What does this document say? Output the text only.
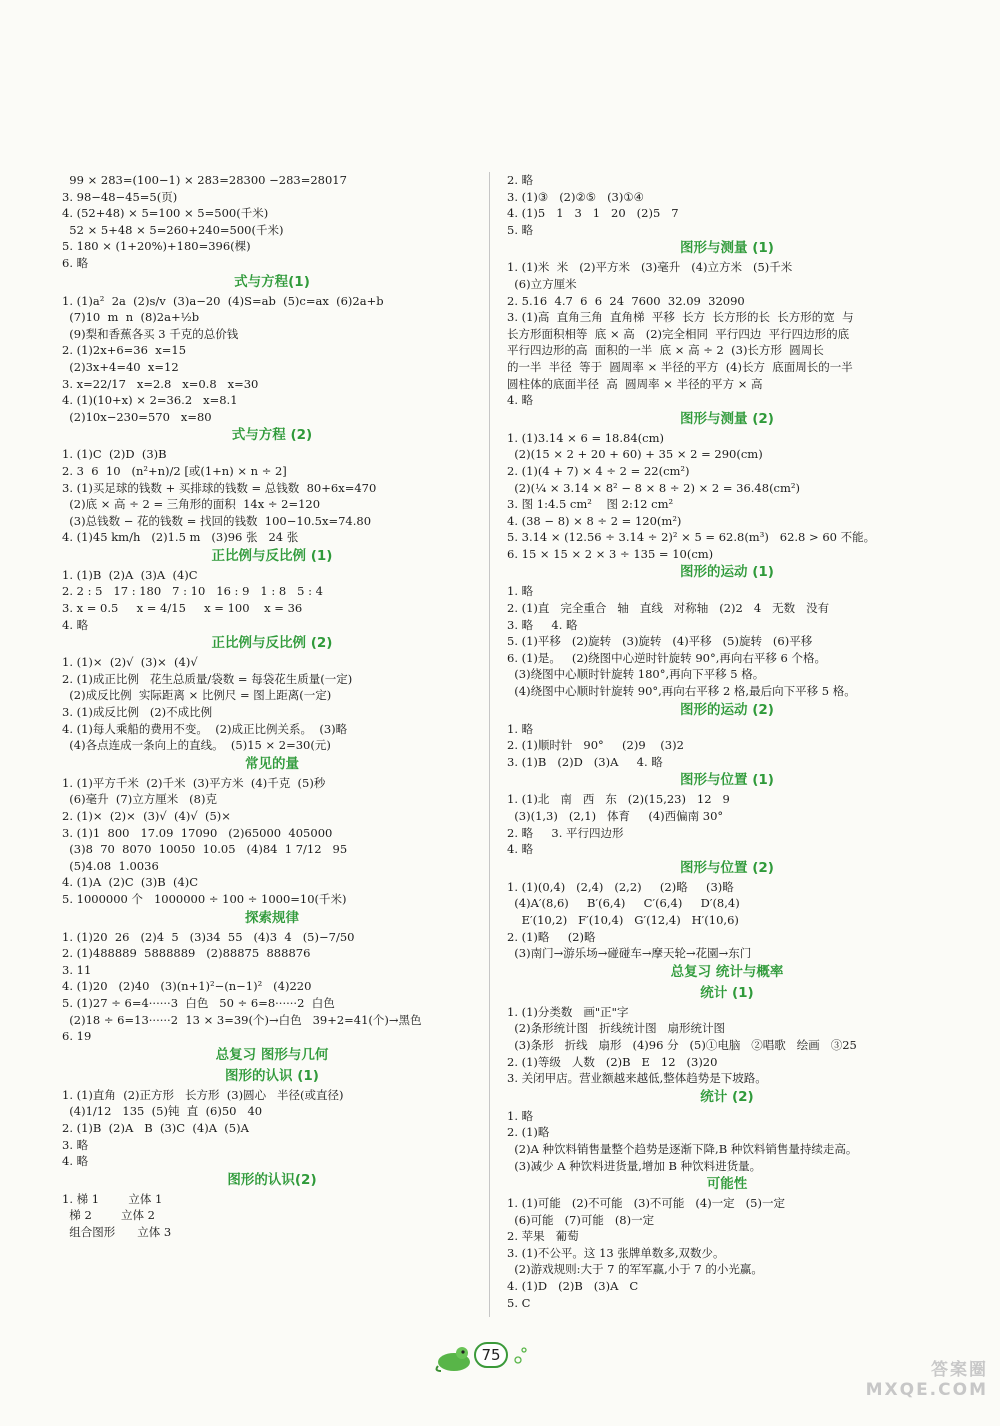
99 × 283=(100−1) × 283=28300 −283=28017
3. 98−48−45=5(页)
4. (52+48) × 5=100 × 5=500(千米)
52 × 5+48 × 5=260+240=500(千米)
5. 180 × (1+20%)+180=396(棵)
6. 略
式与方程(1)
1. (1)a²  2a  (2)s/v  (3)a−20  (4)S=ab  (5)c=ax  (6)2a+b
(7)10  m  n  (8)2a+½b
(9)梨和香蕉各买 3 千克的总价钱
2. (1)2x+6=36  x=15
(2)3x+4=40  x=12
3. x=22/17   x=2.8   x=0.8   x=30
4. (1)(10+x) × 2=36.2   x=8.1
(2)10x−230=570   x=80
式与方程 (2)
1. (1)C  (2)D  (3)B
2. 3  6  10   (n²+n)/2 [或(1+n) × n ÷ 2]
3. (1)买足球的钱数 + 买排球的钱数 = 总钱数  80+6x=470
(2)底 × 高 ÷ 2 = 三角形的面积  14x ÷ 2=120
(3)总钱数 − 花的钱数 = 找回的钱数  100−10.5x=74.80
4. (1)45 km/h   (2)1.5 m   (3)96 张   24 张
正比例与反比例 (1)
1. (1)B  (2)A  (3)A  (4)C
2. 2 : 5   17 : 180   7 : 10   16 : 9   1 : 8   5 : 4
3. x = 0.5     x = 4/15     x = 100    x = 36
4. 略
正比例与反比例 (2)
1. (1)×  (2)√  (3)×  (4)√
2. (1)成正比例   花生总质量/袋数 = 每袋花生质量(一定)
(2)成反比例  实际距离 × 比例尺 = 图上距离(一定)
3. (1)成反比例   (2)不成比例
4. (1)每人乘船的费用不变。  (2)成正比例关系。  (3)略
(4)各点连成一条向上的直线。  (5)15 × 2=30(元)
常见的量
1. (1)平方千米  (2)千米  (3)平方米  (4)千克  (5)秒
(6)毫升  (7)立方厘米   (8)克
2. (1)×  (2)×  (3)√  (4)√  (5)×
3. (1)1  800   17.09  17090   (2)65000  405000
(3)8  70  8070  10050  10.05   (4)84  1 7/12   95
(5)4.08  1.0036
4. (1)A  (2)C  (3)B  (4)C
5. 1000000 个   1000000 ÷ 100 ÷ 1000=10(千米)
探索规律
1. (1)20  26   (2)4  5   (3)34  55   (4)3  4   (5)−7/50
2. (1)488889  5888889   (2)88875  888876
3. 11
4. (1)20   (2)40   (3)(n+1)²−(n−1)²   (4)220
5. (1)27 ÷ 6=4······3  白色   50 ÷ 6=8······2  白色
(2)18 ÷ 6=13······2  13 × 3=39(个)→白色   39+2=41(个)→黑色
6. 19
总复习 图形与几何
图形的认识 (1)
1. (1)直角  (2)正方形   长方形  (3)圆心   半径(或直径)
(4)1/12   135  (5)钝  直  (6)50   40
2. (1)B  (2)A   B  (3)C  (4)A  (5)A
3. 略
4. 略
图形的认识(2)
1. 梯 1        立体 1
梯 2        立体 2
组合图形      立体 3
2. 略
3. (1)③   (2)②⑤   (3)①④
4. (1)5   1   3   1   20   (2)5   7
5. 略
图形与测量 (1)
1. (1)米  米   (2)平方米   (3)毫升   (4)立方米   (5)千米
(6)立方厘米
2. 5.16  4.7  6  6  24  7600  32.09  32090
3. (1)高  直角三角  直角梯  平移  长方  长方形的长  长方形的宽  与
长方形面积相等  底 × 高   (2)完全相同  平行四边  平行四边形的底
平行四边形的高  面积的一半  底 × 高 ÷ 2  (3)长方形  圆周长
的一半  半径  等于  圆周率 × 半径的平方  (4)长方  底面周长的一半
圆柱体的底面半径  高  圆周率 × 半径的平方 × 高
4. 略
图形与测量 (2)
1. (1)3.14 × 6 = 18.84(cm)
(2)(15 × 2 + 20 + 60) + 35 × 2 = 290(cm)
2. (1)(4 + 7) × 4 ÷ 2 = 22(cm²)
(2)(¼ × 3.14 × 8² − 8 × 8 ÷ 2) × 2 = 36.48(cm²)
3. 图 1:4.5 cm²    图 2:12 cm²
4. (38 − 8) × 8 ÷ 2 = 120(m²)
5. 3.14 × (12.56 ÷ 3.14 ÷ 2)² × 5 = 62.8(m³)   62.8 > 60 不能。
6. 15 × 15 × 2 × 3 ÷ 135 = 10(cm)
图形的运动 (1)
1. 略
2. (1)直   完全重合   轴   直线   对称轴   (2)2   4   无数   没有
3. 略     4. 略
5. (1)平移   (2)旋转   (3)旋转   (4)平移   (5)旋转   (6)平移
6. (1)是。   (2)绕图中心逆时针旋转 90°,再向右平移 6 个格。
(3)绕图中心顺时针旋转 180°,再向下平移 5 格。
(4)绕图中心顺时针旋转 90°,再向右平移 2 格,最后向下平移 5 格。
图形的运动 (2)
1. 略
2. (1)顺时针   90°     (2)9    (3)2
3. (1)B   (2)D   (3)A     4. 略
图形与位置 (1)
1. (1)北   南   西   东   (2)(15,23)   12   9
(3)(1,3)   (2,1)   体育     (4)西偏南 30°
2. 略     3. 平行四边形
4. 略
图形与位置 (2)
1. (1)(0,4)   (2,4)   (2,2)     (2)略     (3)略
(4)A′(8,6)     B′(6,4)     C′(6,4)     D′(8,4)
E′(10,2)   F′(10,4)   G′(12,4)   H′(10,6)
2. (1)略     (2)略
(3)南门→游乐场→碰碰车→摩天轮→花園→东门
总复习 统计与概率
统计 (1)
1. (1)分类数   画"正"字
(2)条形统计图   折线统计图   扇形统计图
(3)条形   折线   扇形   (4)96 分   (5)①电脑   ②唱歌   绘画   ③25
2. (1)等级   人数   (2)B   E   12   (3)20
3. 关闭甲店。营业额越来越低,整体趋势是下坡路。
统计 (2)
1. 略
2. (1)略
(2)A 种饮料销售量整个趋势是逐渐下降,B 种饮料销售量持续走高。
(3)减少 A 种饮料进货量,增加 B 种饮料进货量。
可能性
1. (1)可能   (2)不可能   (3)不可能   (4)一定   (5)一定
(6)可能   (7)可能   (8)一定
2. 苹果   葡萄
3. (1)不公平。这 13 张牌单数多,双数少。
(2)游戏规则:大于 7 的军军赢,小于 7 的小光赢。
4. (1)D   (2)B   (3)A   C
5. C
75
答案圈
MXQE.COM
